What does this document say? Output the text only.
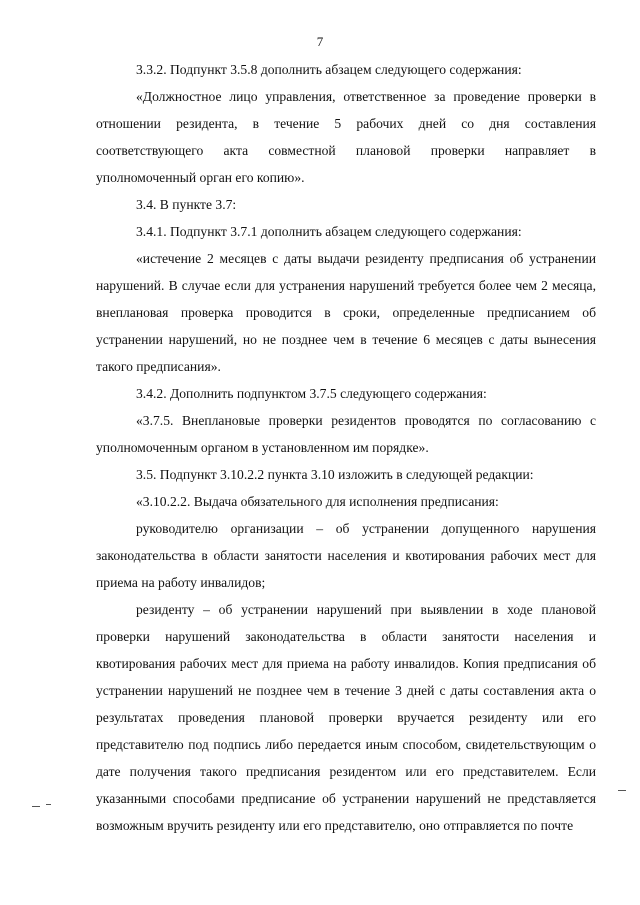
7

3.3.2. Подпункт 3.5.8 дополнить абзацем следующего содержания:

«Должностное лицо управления, ответственное за проведение проверки в отношении резидента, в течение 5 рабочих дней со дня составления соответствующего акта совместной плановой проверки направляет в уполномоченный орган его копию».

3.4. В пункте 3.7:

3.4.1. Подпункт 3.7.1 дополнить абзацем следующего содержания:

«истечение 2 месяцев с даты выдачи резиденту предписания об устранении нарушений. В случае если для устранения нарушений требуется более чем 2 месяца, внеплановая проверка проводится в сроки, определенные предписанием об устранении нарушений, но не позднее чем в течение 6 месяцев с даты вынесения такого предписания».

3.4.2. Дополнить подпунктом 3.7.5 следующего содержания:

«3.7.5. Внеплановые проверки резидентов проводятся по согласованию с уполномоченным органом в установленном им порядке».

3.5. Подпункт 3.10.2.2 пункта 3.10 изложить в следующей редакции:

«3.10.2.2. Выдача обязательного для исполнения предписания:

руководителю организации – об устранении допущенного нарушения законодательства в области занятости населения и квотирования рабочих мест для приема на работу инвалидов;

резиденту – об устранении нарушений при выявлении в ходе плановой проверки нарушений законодательства в области занятости населения и квотирования рабочих мест для приема на работу инвалидов. Копия предписания об устранении нарушений не позднее чем в течение 3 дней с даты составления акта о результатах проведения плановой проверки вручается резиденту или его представителю под подпись либо передается иным способом, свидетельствующим о дате получения такого предписания резидентом или его представителем. Если указанными способами предписание об устранении нарушений не представляется возможным вручить резиденту или его представителю, оно отправляется по почте
